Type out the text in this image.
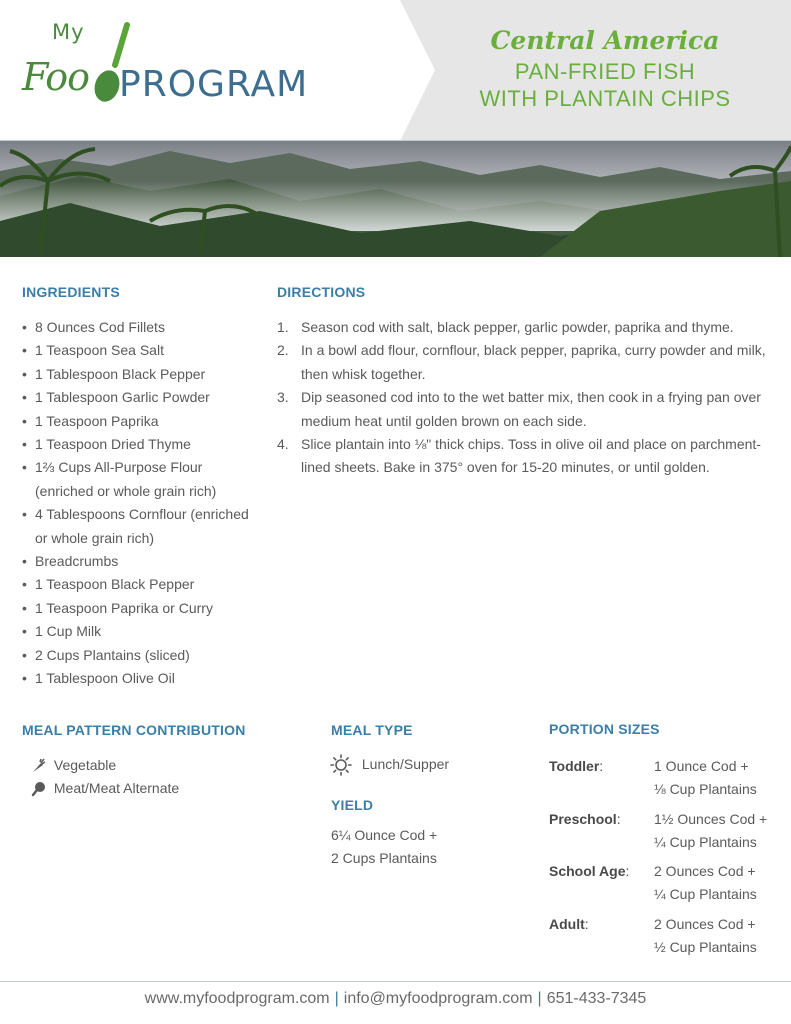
My
Foo PROGRAM
Central America
PAN-FRIED FISH
WITH PLANTAIN CHIPS
INGREDIENTS
• 8 Ounces Cod Fillets
• 1 Teaspoon Sea Salt
• 1 Tablespoon Black Pepper
• 1 Tablespoon Garlic Powder
• 1 Teaspoon Paprika
• 1 Teaspoon Dried Thyme
• 1⅔ Cups All-Purpose Flour (enriched or whole grain rich)
• 4 Tablespoons Cornflour (enriched or whole grain rich)
• Breadcrumbs
• 1 Teaspoon Black Pepper
• 1 Teaspoon Paprika or Curry
• 1 Cup Milk
• 2 Cups Plantains (sliced)
• 1 Tablespoon Olive Oil
DIRECTIONS
1. Season cod with salt, black pepper, garlic powder, paprika and thyme.
2. In a bowl add flour, cornflour, black pepper, paprika, curry powder and milk, then whisk together.
3. Dip seasoned cod into to the wet batter mix, then cook in a frying pan over medium heat until golden brown on each side.
4. Slice plantain into ⅛" thick chips. Toss in olive oil and place on parchment-lined sheets. Bake in 375° oven for 15-20 minutes, or until golden.
MEAL PATTERN CONTRIBUTION
Vegetable
Meat/Meat Alternate
MEAL TYPE
Lunch/Supper
YIELD
6¼ Ounce Cod +
2 Cups Plantains
PORTION SIZES
Toddler:	1 Ounce Cod +
⅛ Cup Plantains
Preschool: 1½ Ounces Cod +
¼ Cup Plantains
School Age: 2 Ounces Cod +
¼ Cup Plantains
Adult:	2 Ounces Cod +
½ Cup Plantains
www.myfoodprogram.com | info@myfoodprogram.com | 651-433-7345
